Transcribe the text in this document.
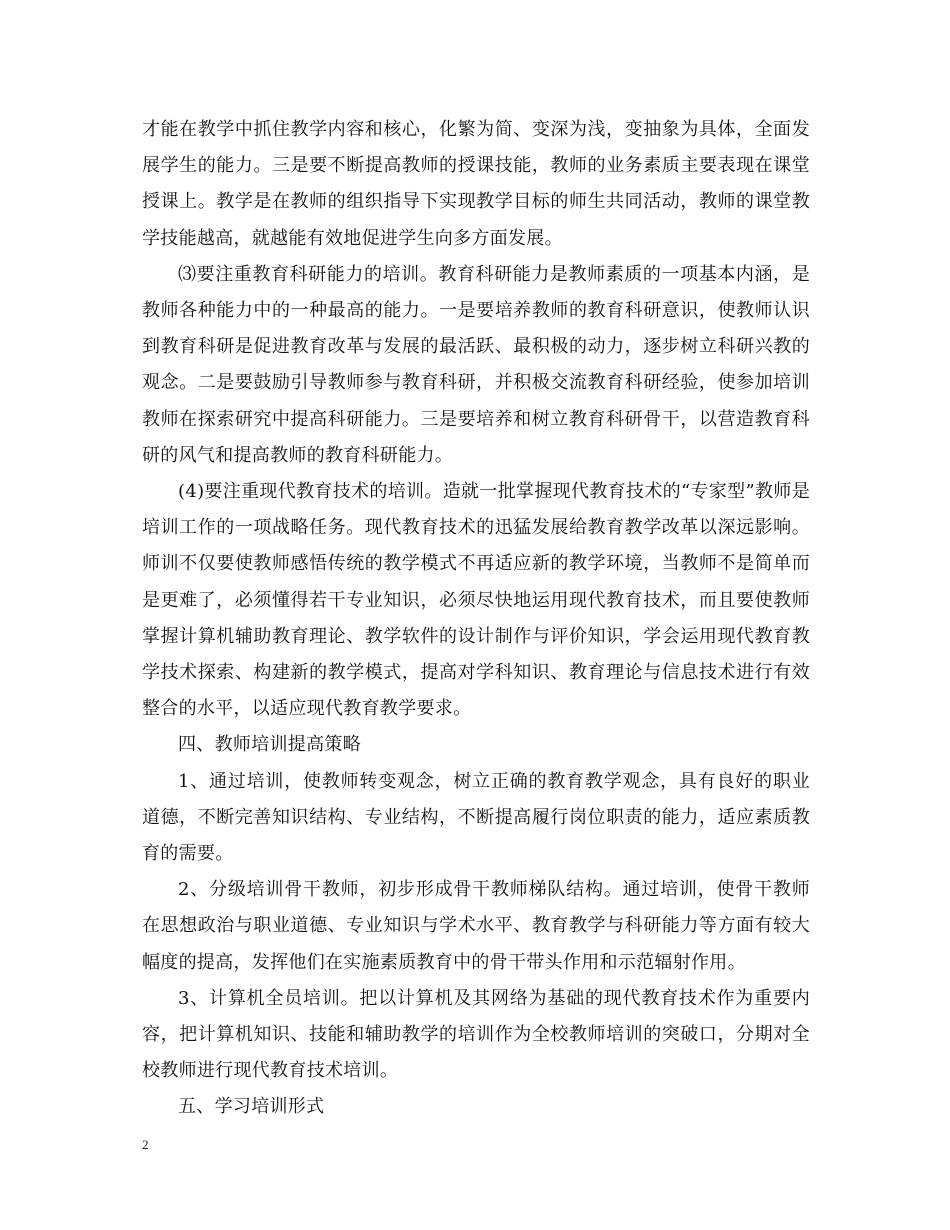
才能在教学中抓住教学内容和核心，化繁为简、变深为浅，变抽象为具体，全面发展学生的能力。三是要不断提高教师的授课技能，教师的业务素质主要表现在课堂授课上。教学是在教师的组织指导下实现教学目标的师生共同活动，教师的课堂教学技能越高，就越能有效地促进学生向多方面发展。

⑶要注重教育科研能力的培训。教育科研能力是教师素质的一项基本内涵，是教师各种能力中的一种最高的能力。一是要培养教师的教育科研意识，使教师认识到教育科研是促进教育改革与发展的最活跃、最积极的动力，逐步树立科研兴教的观念。二是要鼓励引导教师参与教育科研，并积极交流教育科研经验，使参加培训教师在探索研究中提高科研能力。三是要培养和树立教育科研骨干，以营造教育科研的风气和提高教师的教育科研能力。

(4)要注重现代教育技术的培训。造就一批掌握现代教育技术的“专家型”教师是培训工作的一项战略任务。现代教育技术的迅猛发展给教育教学改革以深远影响。师训不仅要使教师感悟传统的教学模式不再适应新的教学环境，当教师不是简单而是更难了，必须懂得若干专业知识，必须尽快地运用现代教育技术，而且要使教师掌握计算机辅助教育理论、教学软件的设计制作与评价知识，学会运用现代教育教学技术探索、构建新的教学模式，提高对学科知识、教育理论与信息技术进行有效整合的水平，以适应现代教育教学要求。

四、教师培训提高策略

1、通过培训，使教师转变观念，树立正确的教育教学观念，具有良好的职业道德，不断完善知识结构、专业结构，不断提高履行岗位职责的能力，适应素质教育的需要。

2、分级培训骨干教师，初步形成骨干教师梯队结构。通过培训，使骨干教师在思想政治与职业道德、专业知识与学术水平、教育教学与科研能力等方面有较大幅度的提高，发挥他们在实施素质教育中的骨干带头作用和示范辐射作用。

3、计算机全员培训。把以计算机及其网络为基础的现代教育技术作为重要内容，把计算机知识、技能和辅助教学的培训作为全校教师培训的突破口，分期对全校教师进行现代教育技术培训。

五、学习培训形式

2
